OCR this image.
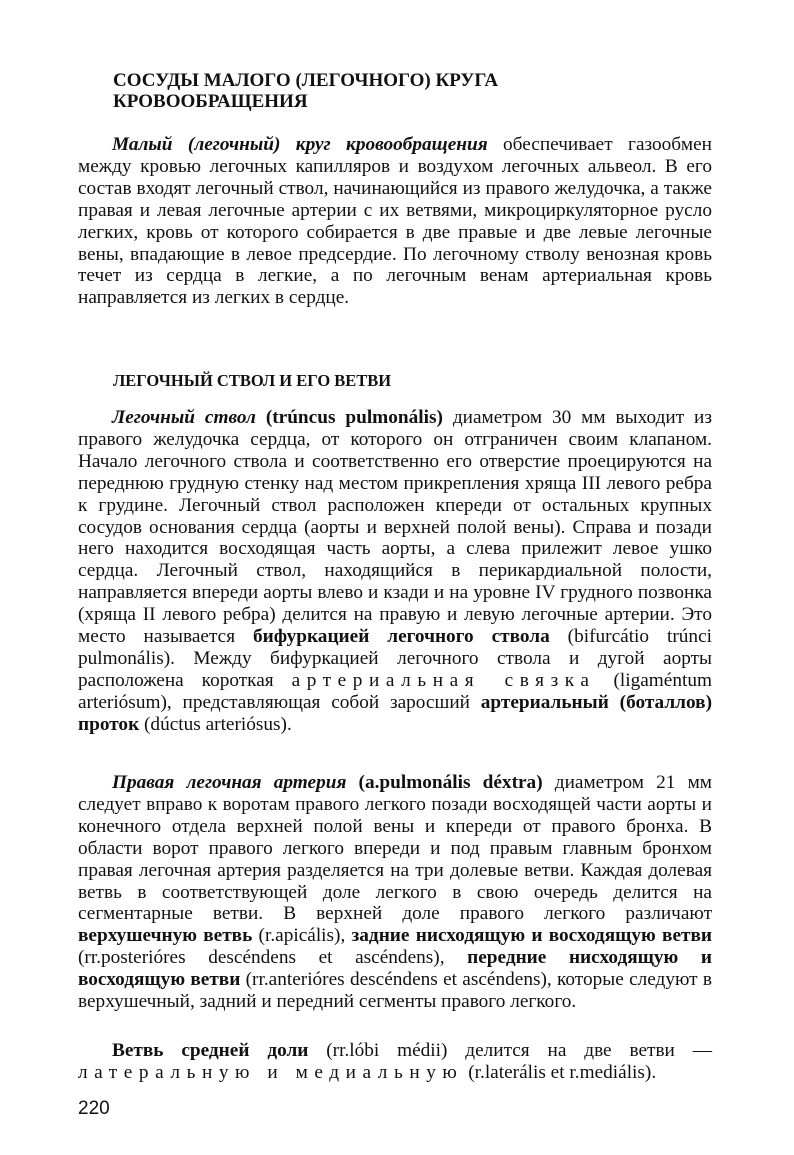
СОСУДЫ МАЛОГО (ЛЕГОЧНОГО) КРУГА КРОВООБРАЩЕНИЯ

Малый (легочный) круг кровообращения обеспечивает газообмен между кровью легочных капилляров и воздухом легочных альвеол. В его состав входят легочный ствол, начинающийся из правого желудочка, а также правая и левая легочные артерии с их ветвями, микроциркуляторное русло легких, кровь от которого собирается в две правые и две левые легочные вены, впадающие в левое предсердие. По легочному стволу венозная кровь течет из сердца в легкие, а по легочным венам артериальная кровь направляется из легких в сердце.

ЛЕГОЧНЫЙ СТВОЛ И ЕГО ВЕТВИ

Легочный ствол (trúncus pulmonális) диаметром 30 мм выходит из правого желудочка сердца, от которого он отграничен своим клапаном. Начало легочного ствола и соответственно его отверстие проецируются на переднюю грудную стенку над местом прикрепления хряща III левого ребра к грудине. Легочный ствол расположен кпереди от остальных крупных сосудов основания сердца (аорты и верхней полой вены). Справа и позади него находится восходящая часть аорты, а слева прилежит левое ушко сердца. Легочный ствол, находящийся в перикардиальной полости, направляется впереди аорты влево и кзади и на уровне IV грудного позвонка (хряща II левого ребра) делится на правую и левую легочные артерии. Это место называется бифуркацией легочного ствола (bifurcátio trúnci pulmonális). Между бифуркацией легочного ствола и дугой аорты расположена короткая артериальная связка (ligaméntum arteriósum), представляющая собой заросший артериальный (боталлов) проток (dúctus arteriósus).

Правая легочная артерия (a.pulmonális déxtra) диаметром 21 мм следует вправо к воротам правого легкого позади восходящей части аорты и конечного отдела верхней полой вены и кпереди от правого бронха. В области ворот правого легкого впереди и под правым главным бронхом правая легочная артерия разделяется на три долевые ветви. Каждая долевая ветвь в соответствующей доле легкого в свою очередь делится на сегментарные ветви. В верхней доле правого легкого различают верхушечную ветвь (r.apicális), задние нисходящую и восходящую ветви (rr.posterióres descéndens et ascéndens), передние нисходящую и восходящую ветви (rr.anterióres descéndens et ascéndens), которые следуют в верхушечный, задний и передний сегменты правого легкого.

Ветвь средней доли (rr.lóbi médii) делится на две ветви — латеральную и медиальную (r.laterális et r.mediális).

220
